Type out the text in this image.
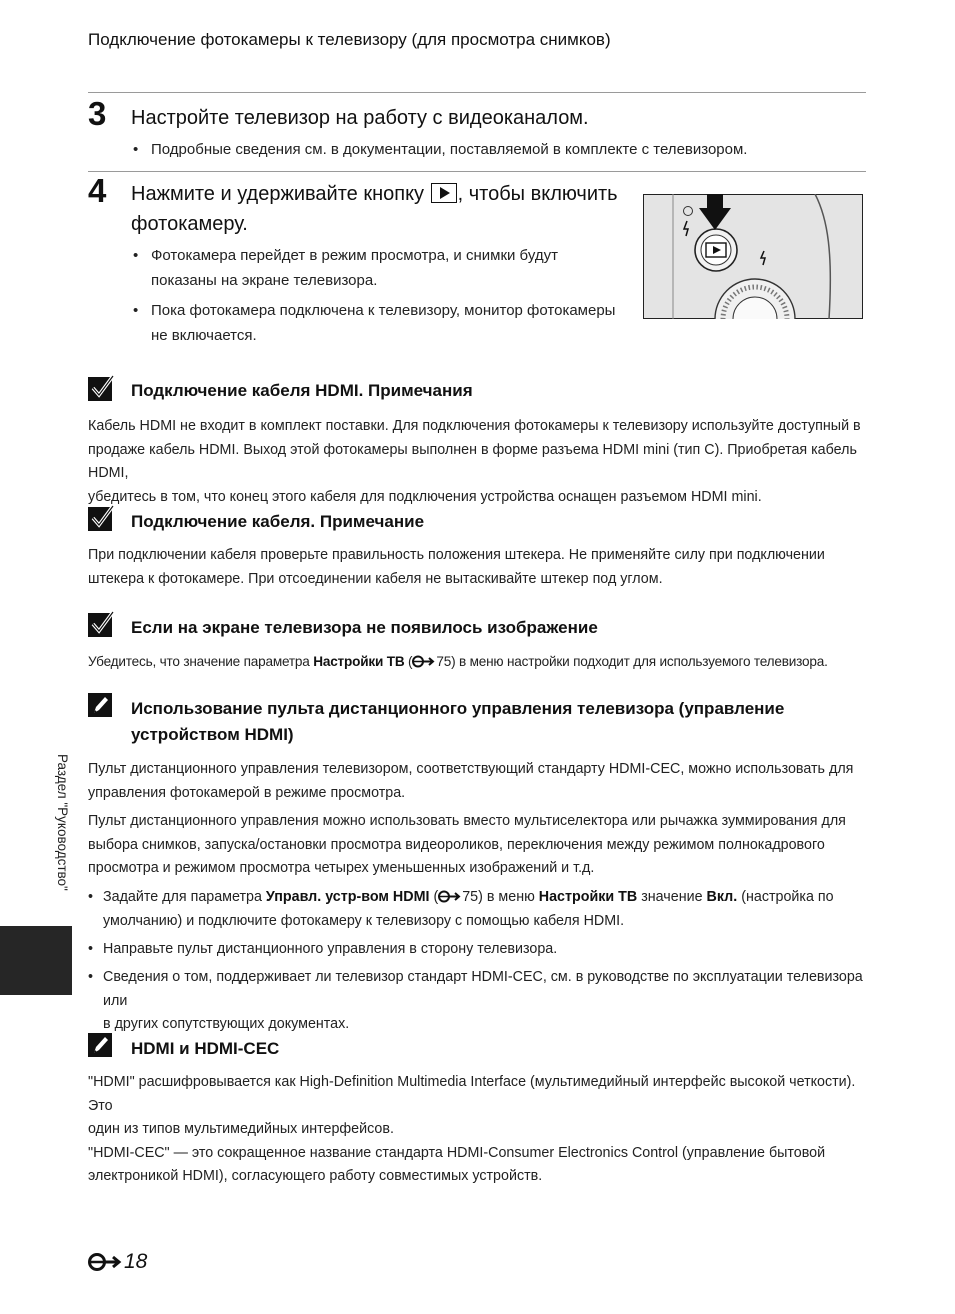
Подключение фотокамеры к телевизору (для просмотра снимков)
3 Настройте телевизор на работу с видеоканалом.
• Подробные сведения см. в документации, поставляемой в комплекте с телевизором.
4 Нажмите и удерживайте кнопку , чтобы включить
фотокамеру.
• Фотокамера перейдет в режим просмотра, и снимки будут
показаны на экране телевизора.
• Пока фотокамера подключена к телевизору, монитор фотокамеры
не включается.
Подключение кабеля HDMI. Примечания
Кабель HDMI не входит в комплект поставки. Для подключения фотокамеры к телевизору используйте доступный в
продаже кабель HDMI. Выход этой фотокамеры выполнен в форме разъема HDMI mini (тип C). Приобретая кабель HDMI,
убедитесь в том, что конец этого кабеля для подключения устройства оснащен разъемом HDMI mini.
Подключение кабеля. Примечание
При подключении кабеля проверьте правильность положения штекера. Не применяйте силу при подключении
штекера к фотокамере. При отсоединении кабеля не вытаскивайте штекер под углом.
Если на экране телевизора не появилось изображение
Убедитесь, что значение параметра Настройки ТВ ( 75) в меню настройки подходит для используемого телевизора.
Использование пульта дистанционного управления телевизора (управление
устройством HDMI)
Пульт дистанционного управления телевизором, соответствующий стандарту HDMI-CEC, можно использовать для
управления фотокамерой в режиме просмотра.
Пульт дистанционного управления можно использовать вместо мультиселектора или рычажка зуммирования для
выбора снимков, запуска/остановки просмотра видеороликов, переключения между режимом полнокадрового
просмотра и режимом просмотра четырех уменьшенных изображений и т.д.
• Задайте для параметра Управл. устр-вом HDMI ( 75) в меню Настройки ТВ значение Вкл. (настройка по
умолчанию) и подключите фотокамеру к телевизору с помощью кабеля HDMI.
• Направьте пульт дистанционного управления в сторону телевизора.
• Сведения о том, поддерживает ли телевизор стандарт HDMI-CEC, см. в руководстве по эксплуатации телевизора или
в других сопутствующих документах.
HDMI и HDMI-CEC
"HDMI" расшифровывается как High-Definition Multimedia Interface (мультимедийный интерфейс высокой четкости). Это
один из типов мультимедийных интерфейсов.
"HDMI-CEC" — это сокращенное название стандарта HDMI-Consumer Electronics Control (управление бытовой
электроникой HDMI), согласующего работу совместимых устройств.
Раздел "Руководство"
18
